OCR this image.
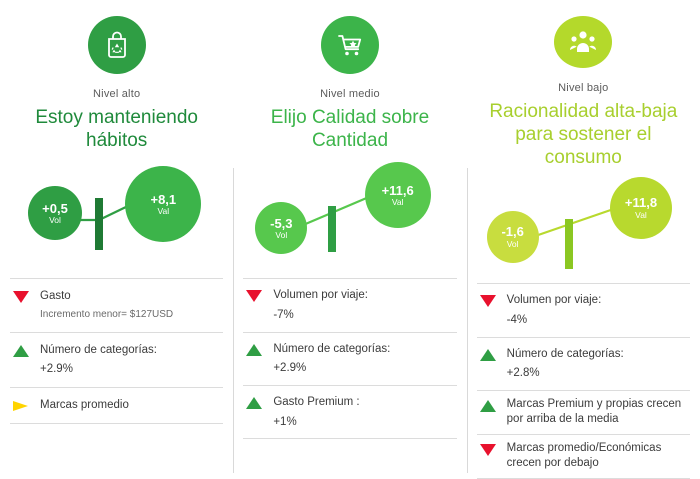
Nivel alto
Estoy manteniendo hábitos
+0,5
Vol
+8,1
Val
Gasto
Incremento menor= $127USD
Número de categorías:
+2.9%
Marcas promedio
Nivel medio
Elijo Calidad sobre Cantidad
-5,3
Vol
+11,6
Val
Volumen por viaje:
-7%
Número de categorías:
+2.9%
Gasto Premium :
+1%
Nivel bajo
Racionalidad alta-baja para sostener el consumo
-1,6
Vol
+11,8
Val
Volumen por viaje:
-4%
Número de categorías:
+2.8%
Marcas Premium y propias crecen por arriba de la media
Marcas promedio/Económicas crecen por debajo
